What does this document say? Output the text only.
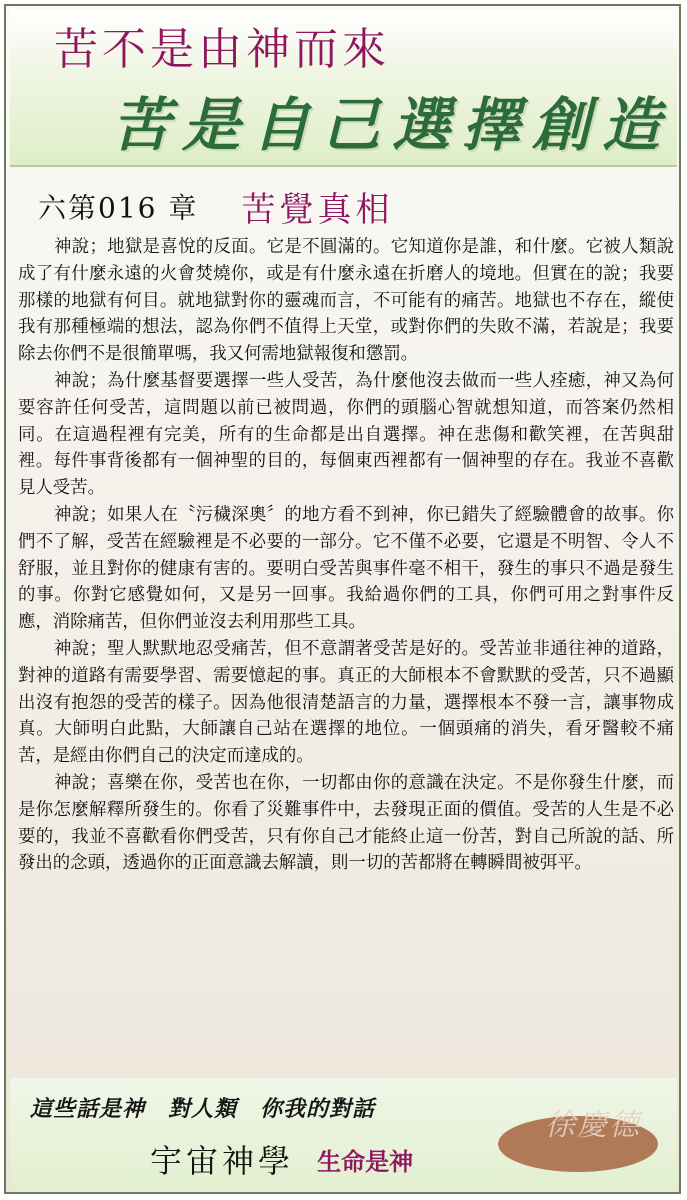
苦不是由神而來
苦是自己選擇創造
六第016 章 苦覺真相

神說；地獄是喜悅的反面。它是不圓滿的。它知道你是誰，和什麼。它被人類說成了有什麼永遠的火會焚燒你，或是有什麼永遠在折磨人的境地。但實在的說；我要那樣的地獄有何目。就地獄對你的靈魂而言，不可能有的痛苦。地獄也不存在，縱使我有那種極端的想法，認為你們不值得上天堂，或對你們的失敗不滿，若說是；我要除去你們不是很簡單嗎，我又何需地獄報復和懲罰。

神說；為什麼基督要選擇一些人受苦，為什麼他沒去做而一些人痊癒，神又為何要容許任何受苦，這問題以前已被問過，你們的頭腦心智就想知道，而答案仍然相同。在這過程裡有完美，所有的生命都是出自選擇。神在悲傷和歡笑裡，在苦與甜裡。每件事背後都有一個神聖的目的，每個東西裡都有一個神聖的存在。我並不喜歡見人受苦。

神說；如果人在〝污穢深奧〞的地方看不到神，你已錯失了經驗體會的故事。你們不了解，受苦在經驗裡是不必要的一部分。它不僅不必要，它還是不明智、令人不舒服，並且對你的健康有害的。要明白受苦與事件毫不相干，發生的事只不過是發生的事。你對它感覺如何，又是另一回事。我給過你們的工具，你們可用之對事件反應，消除痛苦，但你們並沒去利用那些工具。

神說；聖人默默地忍受痛苦，但不意謂著受苦是好的。受苦並非通往神的道路，對神的道路有需要學習、需要憶起的事。真正的大師根本不會默默的受苦，只不過顯出沒有抱怨的受苦的樣子。因為他很清楚語言的力量，選擇根本不發一言，讓事物成真。大師明白此點，大師讓自己站在選擇的地位。一個頭痛的消失，看牙醫較不痛苦，是經由你們自己的決定而達成的。

神說；喜樂在你，受苦也在你，一切都由你的意識在決定。不是你發生什麼，而是你怎麼解釋所發生的。你看了災難事件中，去發現正面的價值。受苦的人生是不必要的，我並不喜歡看你們受苦，只有你自己才能終止這一份苦，對自己所說的話、所發出的念頭，透過你的正面意識去解讀，則一切的苦都將在轉瞬間被弭平。

這些話是神　對人類　你我的對話
宇宙神學 生命是神
徐慶德
